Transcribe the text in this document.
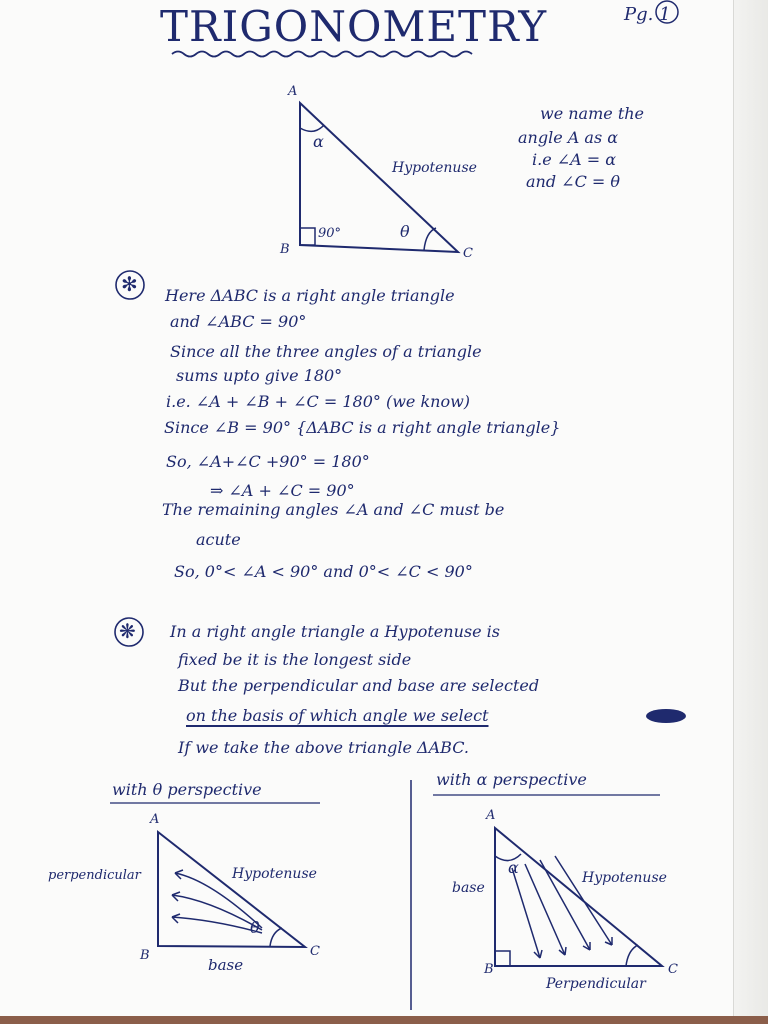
TRIGONOMETRY	Pg. 1
A
B	C
α
θ
90°
Hypotenuse
we name the
angle A as α
i.e ∠A = α
and ∠C = θ
✻ Here ΔABC is a right angle triangle
and ∠ABC = 90°
Since all the three angles of a triangle
sums upto give 180°
i.e. ∠A + ∠B + ∠C = 180° (we know)
Since ∠B = 90° {ΔABC is a right angle triangle}
So, ∠A+∠C +90° = 180°
⇒ ∠A + ∠C = 90°
The remaining angles ∠A and ∠C must be
acute
So, 0°< ∠A < 90° and 0°< ∠C < 90°
❋ In a right angle triangle a Hypotenuse is
fixed be it is the longest side
But the perpendicular and base are selected
on the basis of which angle we select
If we take the above triangle ΔABC.
with θ perspective
with α perspective
A
B	C
θ
perpendicular	Hypotenuse
base
A
B	C
α
base
Hypotenuse
Perpendicular
